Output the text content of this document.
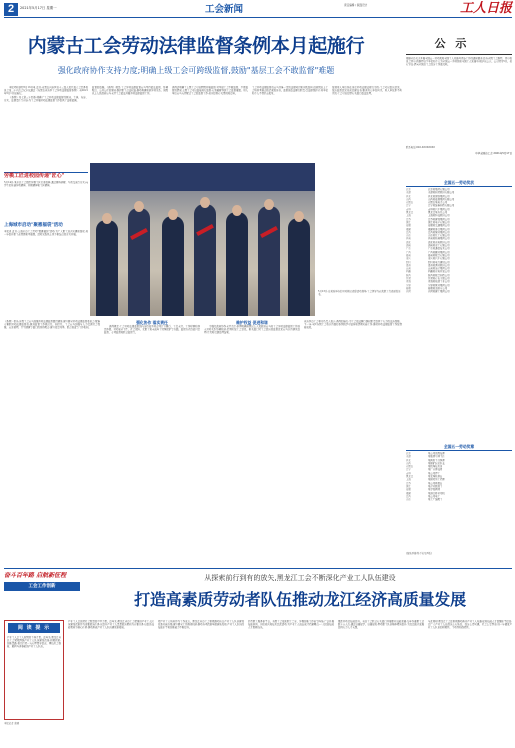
2	2021年5月17日 星期一	工会新闻	责任编辑 / 版面设计	工人日报
内蒙古工会劳动法律监督条例本月起施行
强化政府协作支持力度;明确上级工会可跨级监督,鼓励"基层工会不敢监督"难题

本报呼和浩特5月16日电 近日,内蒙古自治区第十三届人民代表大会常务委员会第二十六次会议审议通过《内蒙古自治区工会劳动法律监督条例》,自2021年5月1日起施行。

《条例》共七章三十四条,明确了工会劳动法律监督的原则、主体、内容、方式、法律责任等内容,为工会开展劳动法律监督工作提供了法规依据。

监督的依据。《条例》规定,工会劳动法律监督应当坚持依法监督、协调配合、公开公正的原则,维护职工合法权益,推动构建和谐劳动关系。县级以上人民政府应当支持工会依法开展劳动法律监督工作。
条例还明确了上级工会可以跨级开展监督,对基层工会不敢监督、不便监督的情况,上级工会可以直接进行监督,有效破解基层工会监督难题。用人单位应当支持配合工会的监督工作,如实提供有关情况和资料。
工会劳动法律监督员应当具备一定的法律知识和实践经验,经县级以上工会培训考核合格后颁发证书。监督员依法履行职责,受法律保护,任何单位和个人不得打击报复。
发现用人单位存在违反劳动法律法规行为的,工会可以提出意见、发出监督意见书或者建议书,要求用人单位纠正。用人单位拒不纠正的,工会可以提请有关部门依法处理。
劳模工匠进校园传递"匠心"
5月14日,某市总工会组织劳模工匠走进校园,通过现场讲解、互动交流等方式,向学生们传递劳动精神、劳模精神和工匠精神。
上海城市启动"聚惠福袋"活动
本报讯 近日,上海市总工会启动"聚惠福袋"活动,为广大职工送去实惠和温暖,进一步提升职工获得感和幸福感。活动采取线上线下相结合的方式开展。
5月13日,在某地举办的劳动模范表彰活动现场,工会领导为获奖职工代表颁发证书。
公 示
根据全总关于开展全国五一劳动奖和全国工人先锋号评选工作的通知要求,经各省级工会推荐、评审委员会评审,拟推荐以下单位和个人为全国五一劳动奖和全国工人先锋号,现予以公示。公示期为5日。如有异议,请向全国总工会经济工作部反映。
联系电话:010-XXXXXXXX
中华全国总工会 2021年5月17日
全国五一劳动奖状
北京	北京某集团有限公司
天津	天津某制造股份有限公司
河北	河北某钢铁集团公司
山西	山西某能源集团有限公司
内蒙古	内蒙古某电力公司
辽宁	辽宁某装备制造有限公司
吉林	吉林某汽车集团公司
黑龙江	黑龙江某石化公司
上海	上海某科技股份公司
江苏	江苏某建设集团公司
浙江	浙江某电子有限公司
安徽	安徽某交通集团公司
福建	福建某港口集团公司
江西	江西某铜业集团公司
山东	山东某化工有限公司
河南	河南某机械集团公司
湖北	湖北某光电股份公司
湖南	湖南某重工有限公司
广东	广东某通信技术公司
广西	广西某糖业集团公司
海南	海南某航空有限公司
重庆	重庆某汽车有限公司
四川	四川某电力建设公司
贵州	贵州某酒业股份公司
云南	云南某冶金集团公司
西藏	西藏某水电开发公司
陕西	陕西某航空制造公司
甘肃	甘肃某有色金属公司
青海	青海某盐湖工业公司
宁夏	宁夏某煤业集团公司
新疆	新疆某油田分公司
兵团	兵团某建工集团公司
全国五一劳动奖章
北京	某公司高级技师
天津	某集团车间主任
河北	某医院主任医师
山西	某煤矿综采队长
内蒙古	某牧场技术员
辽宁	某厂首席技师
吉林	某公司焊工
黑龙江	某农场机务长
上海	某研究所工程师
江苏	某公司班组长
浙江	某企业数控工
安徽	某学校教师
福建	某港口桥吊司机
江西	某公司电工
山东	某工厂装配工
(按地区排列,下转第3版)
《条例》指出,各级工会应当加强劳动法律监督组织建设,建立健全劳动法律监督委员会,配备专兼职劳动法律监督员,推进监督工作规范化、制度化。工会应当加强与人力资源社会保障、应急管理、卫生健康等部门的协作配合,建立信息共享、联合检查等工作机制。
强化协作 落实责任

条例规定,工会劳动法律监督的内容包括劳动合同订立履行、工资支付、工作时间和休息休假、劳动安全卫生、社会保险、女职工和未成年工特殊保护等方面。监督方式包括日常监督、专项监督和联合监督等。

维护权益 促进和谐

为强化政府协作支持力度,条例明确县级以上人民政府应当将工会劳动法律监督工作纳入劳动关系协调机制,定期听取工会意见。相关部门对工会提出的监督意见应当认真研究处理,并及时反馈处理结果。

自治区总工会相关负责人表示,条例的施行,为工会依法履行维权职责提供了有力的法治保障。下一步,全区各级工会将认真做好条例的学习宣传和贯彻实施工作,推动劳动法律监督工作取得新成效。
奋斗百年路 启航新征程
工会工作创新
从探索前行到有的放矢,黑龙江工会不断深化产业工人队伍建设
打造高素质劳动者队伍推动龙江经济高质量发展
阅 读 提 示
产业工人是工人阶级的主体力量。近年来,黑龙江省总工会紧紧围绕产业工人队伍建设改革,积极探索,创新思路,着力打造一支有理想守信念、懂技术会创新、敢担当讲奉献的产业工人队伍。
本报记者 张晓
产业工人是创造社会财富的中坚力量。近年来,黑龙江省总工会把推进产业工人队伍建设改革作为重要政治任务,以提升产业工人思想政治素质为首要任务,以提高技能素质为核心任务,推动形成产业工人队伍建设新格局。
把产业工人培养作为工作重点。黑龙江省总工会积极推动出台产业工人队伍建设改革实施方案,建立健全工作推进机制,推动各项改革举措落地见效,产业工人队伍的技能水平和创新能力不断提升。
打造职工服务新平台。各级工会依托职工之家、劳模创新工作室等阵地,广泛开展技能培训、岗位练兵和技术比武活动,为产业工人成长成才搭建舞台,一大批高技能人才脱颖而出。
聚焦劳动者技能提升。省总工会联合有关部门开展职业技能竞赛,每年参赛职工达数十万人次,通过以赛促学、以赛促练,带动职工队伍整体素质提升,为龙江振兴发展提供有力人才支撑。
与此同时,黑龙江工会还积极推动落实产业工人待遇,促进技能人才薪酬水平提高,让广大产业工人在政治上有地位、经济上得实惠、社会上受尊重,进一步激发产业工人队伍的积极性、主动性和创造性。
